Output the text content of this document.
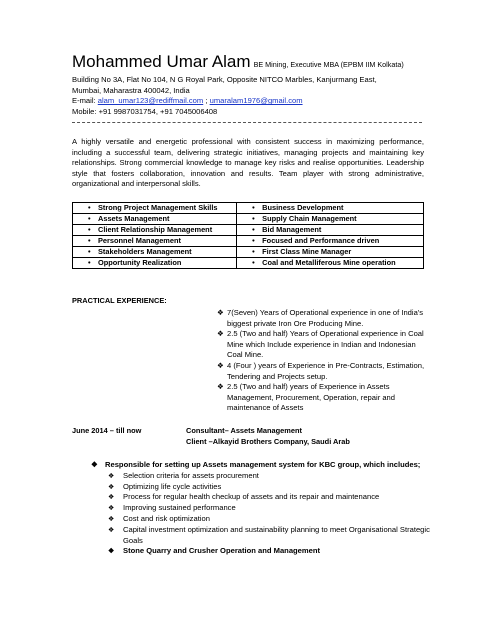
Mohammed Umar Alam BE Mining, Executive MBA (EPBM IIM Kolkata)
Building No 3A, Flat No 104, N G Royal Park, Opposite NITCO Marbles, Kanjurmang East,
Mumbai, Maharastra 400042, India
E-mail: alam_umar123@rediffmail.com ; umaralam1976@gmail.com
Mobile: +91 9987031754, +91 7045006408
A highly versatile and energetic professional with consistent success in maximizing performance, including a successful team, delivering strategic initiatives, managing projects and maintaining key relationships. Strong commercial knowledge to manage key risks and realise opportunities. Leadership style that fosters collaboration, innovation and results. Team player with strong administrative, organizational and interpersonal skills.
• Strong Project Management Skills	• Business Development
• Assets Management	• Supply Chain Management
• Client Relationship Management	• Bid Management
• Personnel Management	• Focused and Performance driven
• Stakeholders Management	• First Class Mine Manager
• Opportunity Realization	• Coal and Metalliferous Mine operation
PRACTICAL EXPERIENCE:
❖ 7(Seven) Years of Operational experience in one of India's biggest private Iron Ore Producing Mine.
❖ 2.5 (Two and half) Years of Operational experience in Coal Mine which Include experience in Indian and Indonesian Coal Mine.
❖ 4 (Four ) years of Experience in Pre-Contracts, Estimation, Tendering and Projects setup.
❖ 2.5 (Two and half) years of Experience in Assets Management, Procurement, Operation, repair and maintenance of Assets
June 2014 – till now	Consultant– Assets Management
Client –Alkayid Brothers Company, Saudi Arab
❖ Responsible for setting up Assets management system for KBC group, which includes;
❖ Selection criteria for assets procurement
❖ Optimizing life cycle activities
❖ Process for regular health checkup of assets and its repair and maintenance
❖ Improving sustained performance
❖ Cost and risk optimization
❖ Capital investment optimization and sustainability planning to meet Organisational Strategic Goals
❖ Stone Quarry and Crusher Operation and Management
